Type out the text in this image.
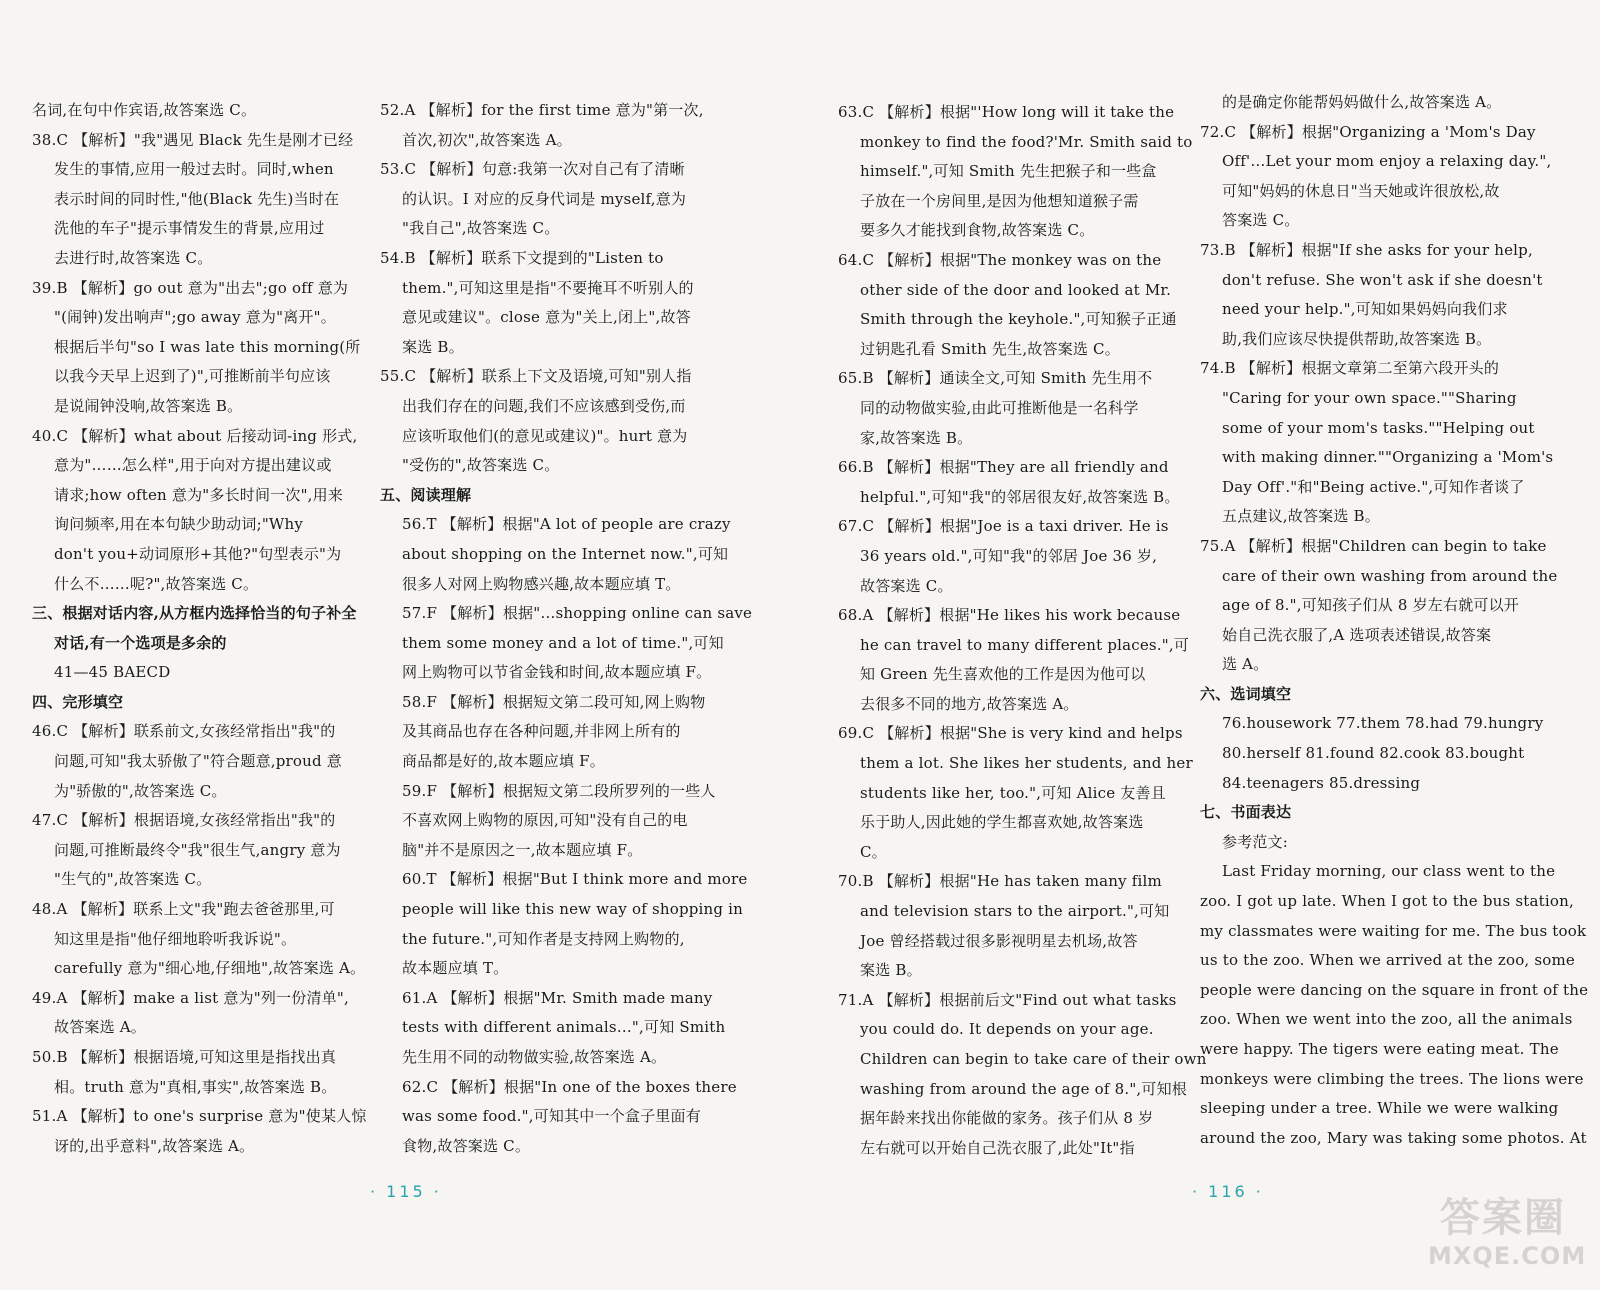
名词,在句中作宾语,故答案选 C。
38.C 【解析】"我"遇见 Black 先生是刚才已经
发生的事情,应用一般过去时。同时,when
表示时间的同时性,"他(Black 先生)当时在
洗他的车子"提示事情发生的背景,应用过
去进行时,故答案选 C。
39.B 【解析】go out 意为"出去";go off 意为
"(闹钟)发出响声";go away 意为"离开"。
根据后半句"so I was late this morning(所
以我今天早上迟到了)",可推断前半句应该
是说闹钟没响,故答案选 B。
40.C 【解析】what about 后接动词-ing 形式,
意为"……怎么样",用于向对方提出建议或
请求;how often 意为"多长时间一次",用来
询问频率,用在本句缺少助动词;"Why
don't you+动词原形+其他?"句型表示"为
什么不……呢?",故答案选 C。
三、根据对话内容,从方框内选择恰当的句子补全
对话,有一个选项是多余的
41—45 BAECD
四、完形填空
46.C 【解析】联系前文,女孩经常指出"我"的
问题,可知"我太骄傲了"符合题意,proud 意
为"骄傲的",故答案选 C。
47.C 【解析】根据语境,女孩经常指出"我"的
问题,可推断最终令"我"很生气,angry 意为
"生气的",故答案选 C。
48.A 【解析】联系上文"我"跑去爸爸那里,可
知这里是指"他仔细地聆听我诉说"。
carefully 意为"细心地,仔细地",故答案选 A。
49.A 【解析】make a list 意为"列一份清单",
故答案选 A。
50.B 【解析】根据语境,可知这里是指找出真
相。truth 意为"真相,事实",故答案选 B。
51.A 【解析】to one's surprise 意为"使某人惊
讶的,出乎意料",故答案选 A。
52.A 【解析】for the first time 意为"第一次,
首次,初次",故答案选 A。
53.C 【解析】句意:我第一次对自己有了清晰
的认识。I 对应的反身代词是 myself,意为
"我自己",故答案选 C。
54.B 【解析】联系下文提到的"Listen to
them.",可知这里是指"不要掩耳不听别人的
意见或建议"。close 意为"关上,闭上",故答
案选 B。
55.C 【解析】联系上下文及语境,可知"别人指
出我们存在的问题,我们不应该感到受伤,而
应该听取他们(的意见或建议)"。hurt 意为
"受伤的",故答案选 C。
五、阅读理解
56.T 【解析】根据"A lot of people are crazy
about shopping on the Internet now.",可知
很多人对网上购物感兴趣,故本题应填 T。
57.F 【解析】根据"…shopping online can save
them some money and a lot of time.",可知
网上购物可以节省金钱和时间,故本题应填 F。
58.F 【解析】根据短文第二段可知,网上购物
及其商品也存在各种问题,并非网上所有的
商品都是好的,故本题应填 F。
59.F 【解析】根据短文第二段所罗列的一些人
不喜欢网上购物的原因,可知"没有自己的电
脑"并不是原因之一,故本题应填 F。
60.T 【解析】根据"But I think more and more
people will like this new way of shopping in
the future.",可知作者是支持网上购物的,
故本题应填 T。
61.A 【解析】根据"Mr. Smith made many
tests with different animals…",可知 Smith
先生用不同的动物做实验,故答案选 A。
62.C 【解析】根据"In one of the boxes there
was some food.",可知其中一个盒子里面有
食物,故答案选 C。
· 115 ·
63.C 【解析】根据"'How long will it take the
monkey to find the food?'Mr. Smith said to
himself.",可知 Smith 先生把猴子和一些盒
子放在一个房间里,是因为他想知道猴子需
要多久才能找到食物,故答案选 C。
64.C 【解析】根据"The monkey was on the
other side of the door and looked at Mr.
Smith through the keyhole.",可知猴子正通
过钥匙孔看 Smith 先生,故答案选 C。
65.B 【解析】通读全文,可知 Smith 先生用不
同的动物做实验,由此可推断他是一名科学
家,故答案选 B。
66.B 【解析】根据"They are all friendly and
helpful.",可知"我"的邻居很友好,故答案选 B。
67.C 【解析】根据"Joe is a taxi driver. He is
36 years old.",可知"我"的邻居 Joe 36 岁,
故答案选 C。
68.A 【解析】根据"He likes his work because
he can travel to many different places.",可
知 Green 先生喜欢他的工作是因为他可以
去很多不同的地方,故答案选 A。
69.C 【解析】根据"She is very kind and helps
them a lot. She likes her students, and her
students like her, too.",可知 Alice 友善且
乐于助人,因此她的学生都喜欢她,故答案选
C。
70.B 【解析】根据"He has taken many film
and television stars to the airport.",可知
Joe 曾经搭载过很多影视明星去机场,故答
案选 B。
71.A 【解析】根据前后文"Find out what tasks
you could do. It depends on your age.
Children can begin to take care of their own
washing from around the age of 8.",可知根
据年龄来找出你能做的家务。孩子们从 8 岁
左右就可以开始自己洗衣服了,此处"It"指
的是确定你能帮妈妈做什么,故答案选 A。
72.C 【解析】根据"Organizing a 'Mom's Day
Off'…Let your mom enjoy a relaxing day.",
可知"妈妈的休息日"当天她或许很放松,故
答案选 C。
73.B 【解析】根据"If she asks for your help,
don't refuse. She won't ask if she doesn't
need your help.",可知如果妈妈向我们求
助,我们应该尽快提供帮助,故答案选 B。
74.B 【解析】根据文章第二至第六段开头的
"Caring for your own space.""Sharing
some of your mom's tasks.""Helping out
with making dinner.""Organizing a 'Mom's
Day Off'."和"Being active.",可知作者谈了
五点建议,故答案选 B。
75.A 【解析】根据"Children can begin to take
care of their own washing from around the
age of 8.",可知孩子们从 8 岁左右就可以开
始自己洗衣服了,A 选项表述错误,故答案
选 A。
六、选词填空
76.housework 77.them 78.had 79.hungry
80.herself 81.found 82.cook 83.bought
84.teenagers 85.dressing
七、书面表达
参考范文:
Last Friday morning, our class went to the
zoo. I got up late. When I got to the bus station,
my classmates were waiting for me. The bus took
us to the zoo. When we arrived at the zoo, some
people were dancing on the square in front of the
zoo. When we went into the zoo, all the animals
were happy. The tigers were eating meat. The
monkeys were climbing the trees. The lions were
sleeping under a tree. While we were walking
around the zoo, Mary was taking some photos. At
· 116 ·
答案圈
MXQE.COM
